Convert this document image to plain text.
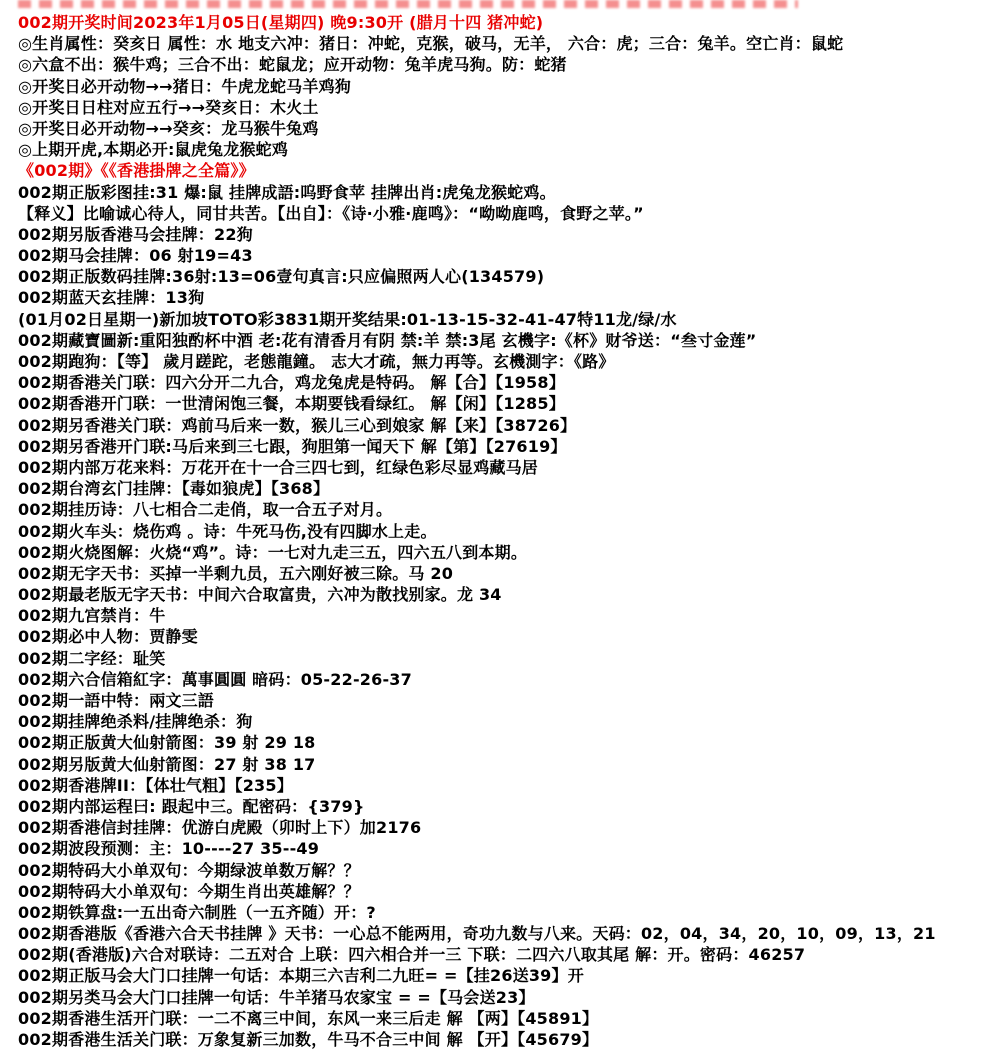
002期开奖时间2023年1月05日(星期四) 晚9:30开 (腊月十四 猪冲蛇)
◎生肖属性：癸亥日 属性：水 地支六冲：猪日：冲蛇，克猴，破马，无羊， 六合：虎；三合：兔羊。空亡肖：鼠蛇
◎六盒不出：猴牛鸡；三合不出：蛇鼠龙；应开动物：兔羊虎马狗。防：蛇猪
◎开奖日必开动物→→猪日：牛虎龙蛇马羊鸡狗
◎开奖日日柱对应五行→→癸亥日：木火土
◎开奖日必开动物→→癸亥：龙马猴牛兔鸡
◎上期开虎,本期必开:鼠虎兔龙猴蛇鸡
《002期》《《香港掛牌之全篇》》
002期正版彩图挂:31 爆:鼠 挂牌成語:呜野食苹 挂牌出肖:虎兔龙猴蛇鸡。
【释义】比喻诚心待人，同甘共苦。【出自】：《诗·小雅·鹿鸣》：“呦呦鹿鸣，食野之苹。”
002期另版香港马会挂牌：22狗
002期马会挂牌：06 射19=43
002期正版数码挂牌:36射:13=06壹句真言:只应偏照两人心(134579)
002期蓝天玄挂牌：13狗
(01月02日星期一)新加坡TOTO彩3831期开奖结果:01-13-15-32-41-47特11龙/绿/水
002期藏寶圖新:重阳独酌杯中酒 老:花有清香月有阴 禁:羊 禁:3尾 玄機字:《杯》财爷送：“叁寸金莲”
002期跑狗：【等】 歲月蹉跎，老態龍鐘。 志大才疏，無力再等。玄機測字：《路》
002期香港关门联：四六分开二九合，鸡龙兔虎是特码。 解【合】【1958】
002期香港开门联：一世清闲饱三餐，本期要钱看绿红。 解【闲】【1285】
002期另香港关门联：鸡前马后来一数，猴儿三心到娘家 解【来】【38726】
002期另香港开门联:马后来到三七跟，狗胆第一闻天下 解【第】【27619】
002期内部万花来料：万花开在十一合三四七到，红绿色彩尽显鸡藏马居
002期台湾玄门挂牌：【毒如狼虎】【368】
002期挂历诗：八七相合二走俏，取一合五子对月。
002期火车头：烧伤鸡 。诗：牛死马伤,没有四脚水上走。
002期火烧图解：火烧“鸡”。诗：一七对九走三五，四六五八到本期。
002期无字天书：买掉一半剩九员，五六刚好被三除。马 20
002期最老版无字天书：中间六合取富贵，六冲为散找别家。龙 34
002期九宫禁肖：牛
002期必中人物：贾静雯
002期二字经：耻笑
002期六合信箱紅字：萬事圓圓 暗码：05-22-26-37
002期一語中特：兩文三語
002期挂牌绝杀料/挂牌绝杀：狗
002期正版黄大仙射箭图：39 射 29 18
002期另版黄大仙射箭图：27 射 38 17
002期香港牌II：【体壮气粗】【235】
002期内部运程曰: 跟起中三。配密码：{379}
002期香港信封挂牌：优游白虎殿（卯时上下）加2176
002期波段预测：主：10----27 35--49
002期特码大小单双句：今期绿波单数万解？？
002期特码大小单双句：今期生肖出英雄解？？
002期铁算盘:一五出奇六制胜（一五齐随）开：?
002期香港版《香港六合天书挂牌 》天书：一心总不能两用，奇功九数与八来。天码：02，04，34，20，10，09，13，21
002期(香港版)六合对联诗：二五对合 上联：四六相合并一三 下联：二四六八取其尾 解：开。密码：46257
002期正版马会大门口挂牌一句话：本期三六吉利二九旺= =【挂26送39】开
002期另类马会大门口挂牌一句话：牛羊猪马农家宝 = =【马会送23】
002期香港生活开门联：一二不离三中间，东风一来三后走 解 【两】【45891】
002期香港生活关门联：万象复新三加数，牛马不合三中间 解 【开】【45679】
